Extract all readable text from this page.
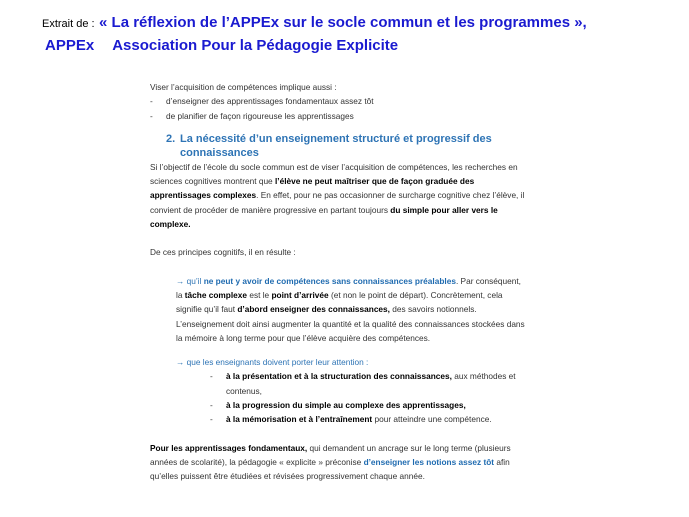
Extrait de : « La réflexion de l’APPEx sur le socle commun et les programmes »,
APPEx Association Pour la Pédagogie Explicite

Viser l’acquisition de compétences implique aussi :

-	d’enseigner des apprentissages fondamentaux assez tôt
-	de planifier de façon rigoureuse les apprentissages
2. La nécessité d’un enseignement structuré et progressif des connaissances

Si l’objectif de l’école du socle commun est de viser l’acquisition de compétences, les recherches en sciences cognitives montrent que l’élève ne peut maîtriser que de façon graduée des apprentissages complexes. En effet, pour ne pas occasionner de surcharge cognitive chez l’élève, il convient de procéder de manière progressive en partant toujours du simple pour aller vers le complexe.

De ces principes cognitifs, il en résulte :

→ qu’il ne peut y avoir de compétences sans connaissances préalables. Par conséquent, la tâche complexe est le point d’arrivée (et non le point de départ). Concrètement, cela signifie qu’il faut d’abord enseigner des connaissances, des savoirs notionnels. L’enseignement doit ainsi augmenter la quantité et la qualité des connaissances stockées dans la mémoire à long terme pour que l’élève acquière des compétences.

→ que les enseignants doivent porter leur attention :

-	à la présentation et à la structuration des connaissances, aux méthodes et contenus,
-	à la progression du simple au complexe des apprentissages,
-	à la mémorisation et à l’entraînement pour atteindre une compétence.

Pour les apprentissages fondamentaux, qui demandent un ancrage sur le long terme (plusieurs années de scolarité), la pédagogie « explicite » préconise d’enseigner les notions assez tôt afin qu’elles puissent être étudiées et révisées progressivement chaque année.
